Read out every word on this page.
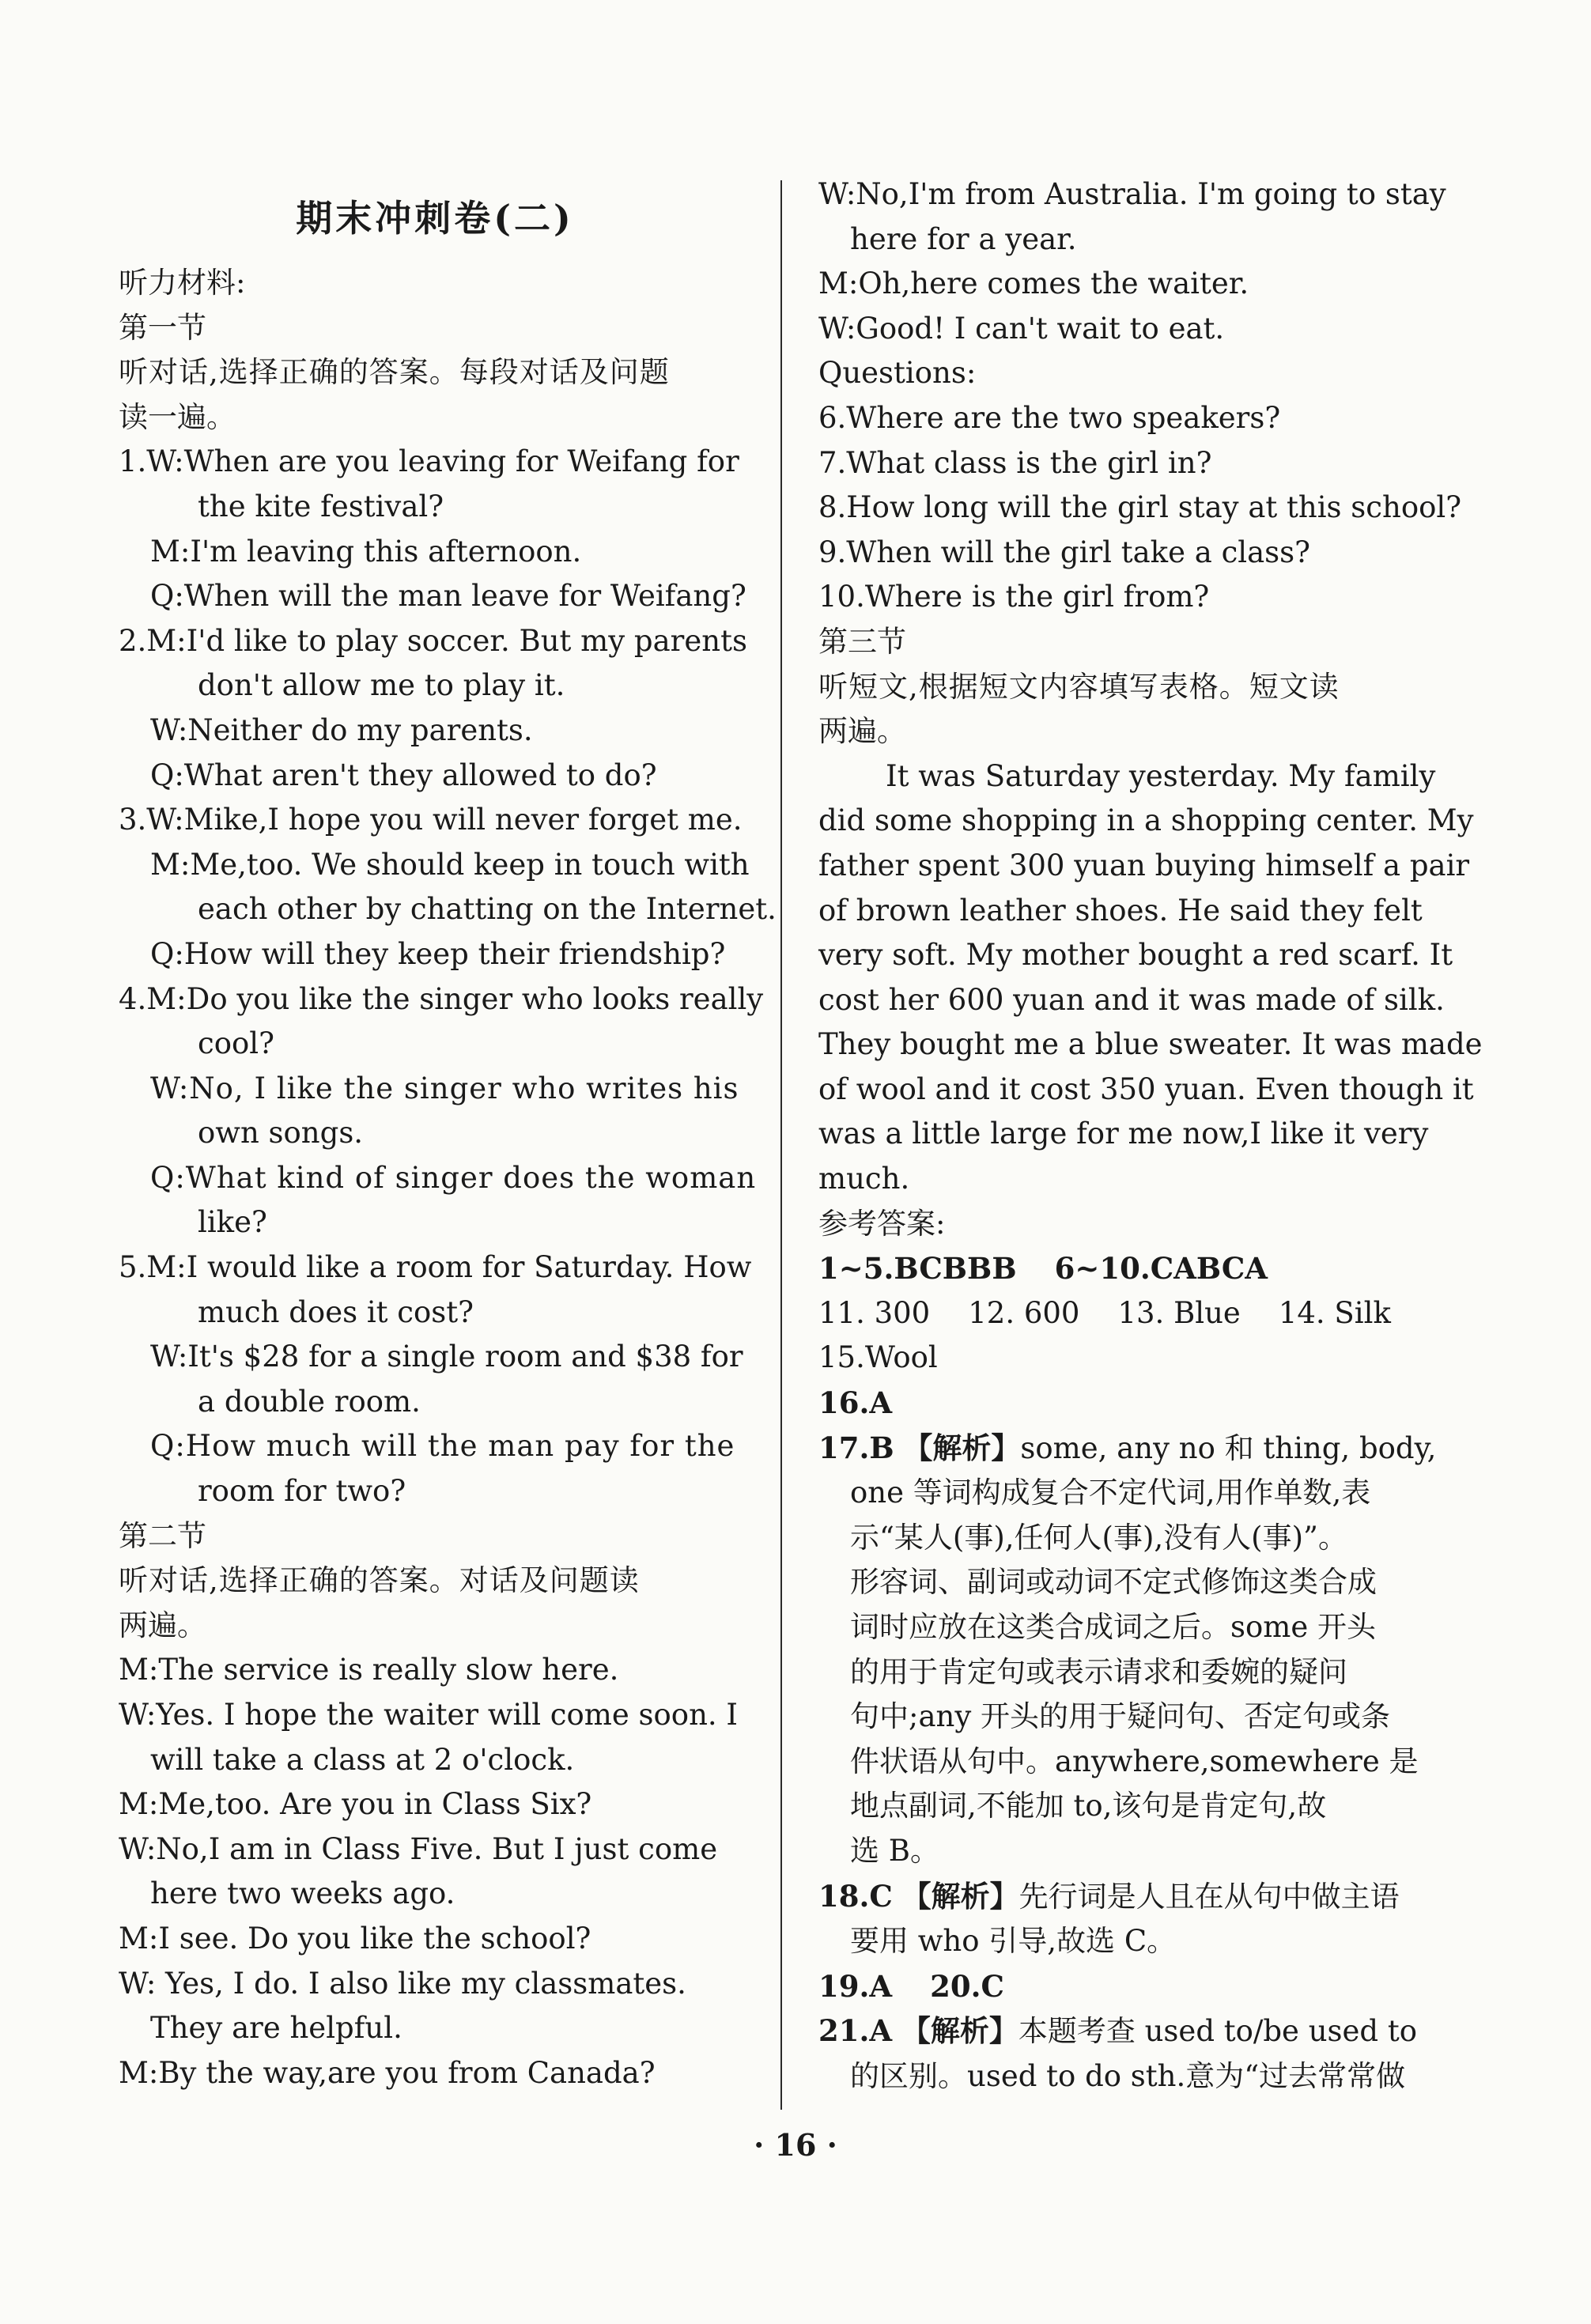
期末冲刺卷(二)
听力材料:
第一节
听对话,选择正确的答案。每段对话及问题
读一遍。
1.W:When are you leaving for Weifang for
the kite festival?
M:I'm leaving this afternoon.
Q:When will the man leave for Weifang?
2.M:I'd like to play soccer. But my parents
don't allow me to play it.
W:Neither do my parents.
Q:What aren't they allowed to do?
3.W:Mike,I hope you will never forget me.
M:Me,too. We should keep in touch with
each other by chatting on the Internet.
Q:How will they keep their friendship?
4.M:Do you like the singer who looks really
cool?
W:No, I like the singer who writes his
own songs.
Q:What kind of singer does the woman
like?
5.M:I would like a room for Saturday. How
much does it cost?
W:It's $28 for a single room and $38 for
a double room.
Q:How much will the man pay for the
room for two?
第二节
听对话,选择正确的答案。对话及问题读
两遍。
M:The service is really slow here.
W:Yes. I hope the waiter will come soon. I
will take a class at 2 o'clock.
M:Me,too. Are you in Class Six?
W:No,I am in Class Five. But I just come
here two weeks ago.
M:I see. Do you like the school?
W: Yes, I do. I also like my classmates.
They are helpful.
M:By the way,are you from Canada?
W:No,I'm from Australia. I'm going to stay
here for a year.
M:Oh,here comes the waiter.
W:Good! I can't wait to eat.
Questions:
6.Where are the two speakers?
7.What class is the girl in?
8.How long will the girl stay at this school?
9.When will the girl take a class?
10.Where is the girl from?
第三节
听短文,根据短文内容填写表格。短文读
两遍。
It was Saturday yesterday. My family
did some shopping in a shopping center. My
father spent 300 yuan buying himself a pair
of brown leather shoes. He said they felt
very soft. My mother bought a red scarf. It
cost her 600 yuan and it was made of silk.
They bought me a blue sweater. It was made
of wool and it cost 350 yuan. Even though it
was a little large for me now,I like it very
much.
参考答案:
1~5.BCBBB 6~10.CABCA
11. 300 12. 600 13. Blue 14. Silk
15.Wool
16.A
17.B 【解析】some, any no 和 thing, body,
one 等词构成复合不定代词,用作单数,表
示“某人(事),任何人(事),没有人(事)”。
形容词、副词或动词不定式修饰这类合成
词时应放在这类合成词之后。some 开头
的用于肯定句或表示请求和委婉的疑问
句中;any 开头的用于疑问句、否定句或条
件状语从句中。anywhere,somewhere 是
地点副词,不能加 to,该句是肯定句,故
选 B。
18.C 【解析】先行词是人且在从句中做主语
要用 who 引导,故选 C。
19.A 20.C
21.A 【解析】本题考查 used to/be used to
的区别。used to do sth.意为“过去常常做
· 16 ·
